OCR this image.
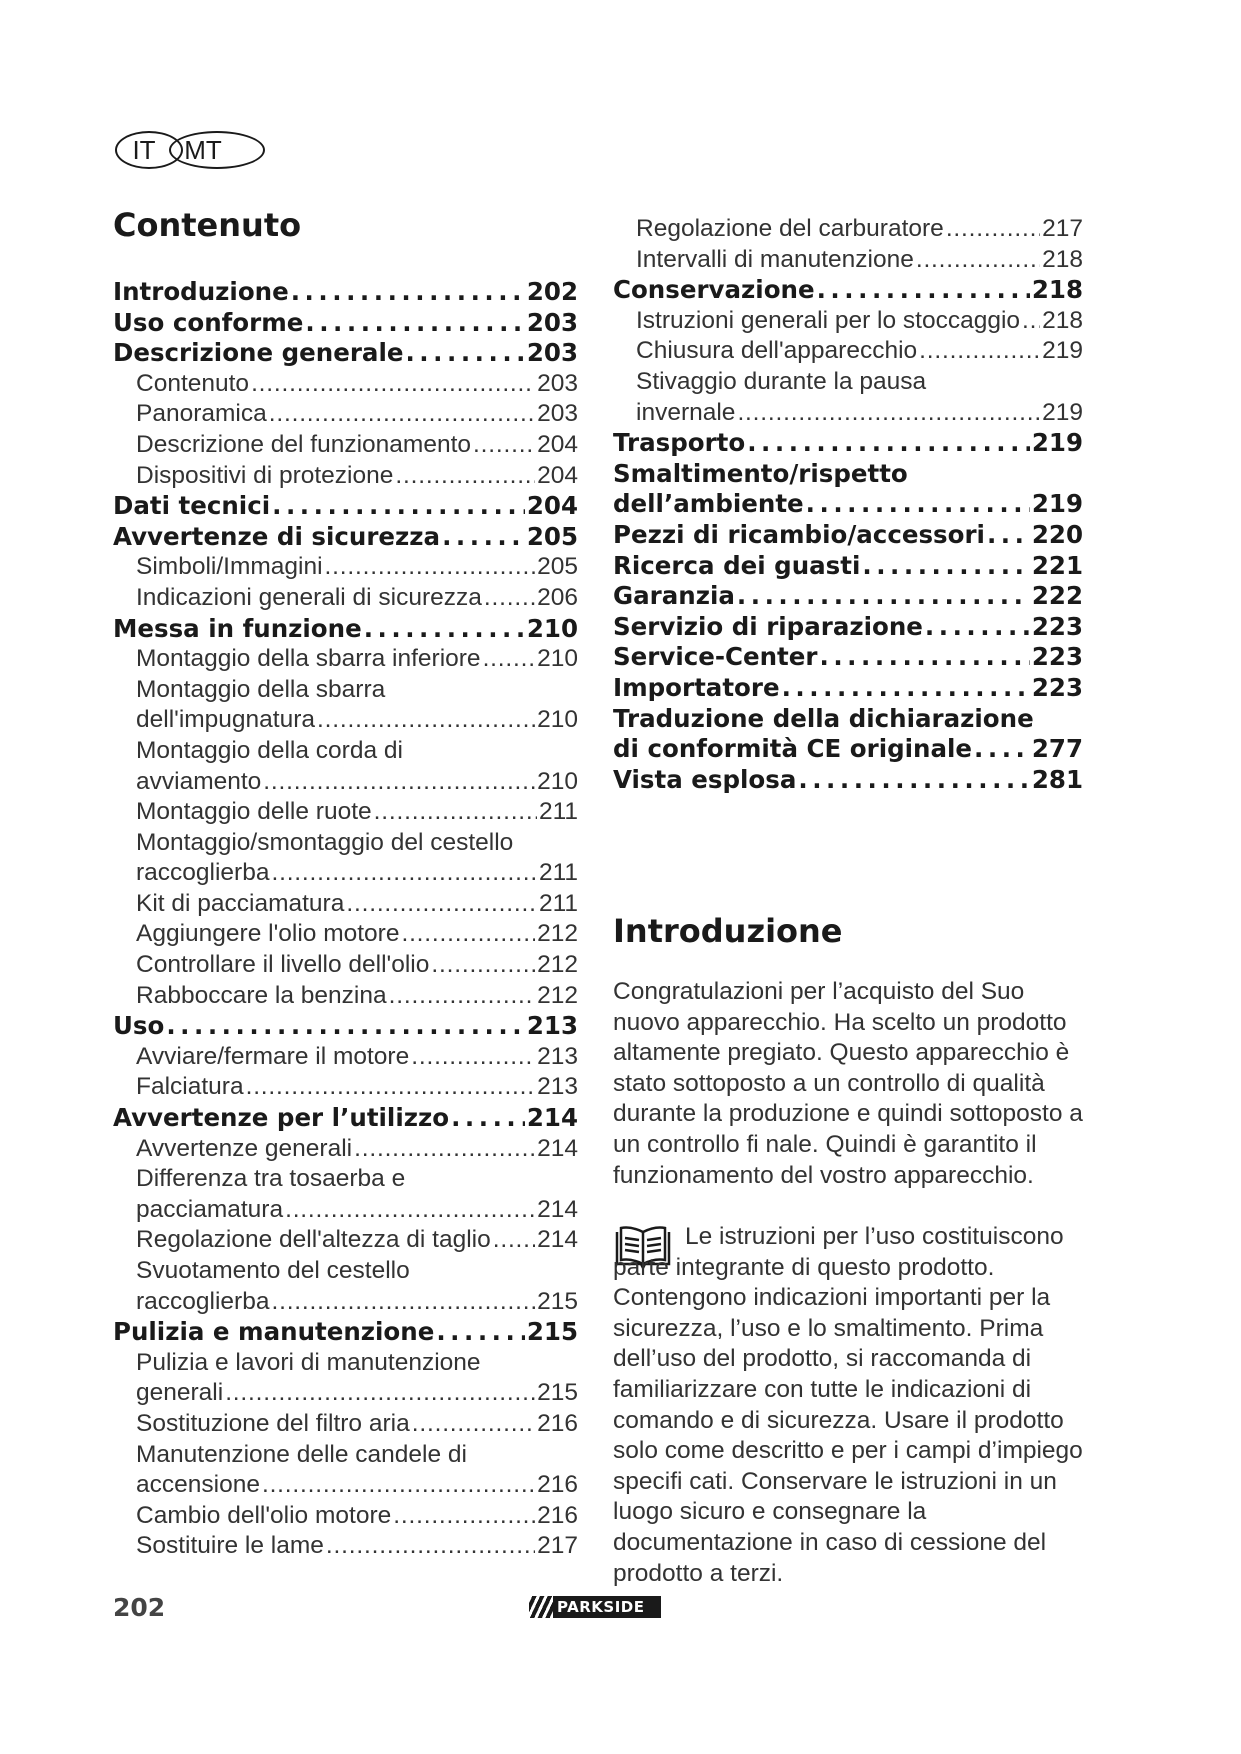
MT
IT
Contenuto
Introduzione . . .	202
Uso conforme . . .	203
Descrizione generale . . .	203
Contenuto . . .	203
Panoramica . . .	203
Descrizione del funzionamento . . .	204
Dispositivi di protezione . . .	204
Dati tecnici . . .	204
Avvertenze di sicurezza . . .	205
Simboli/Immagini . . .	205
Indicazioni generali di sicurezza . . . 206
Messa in funzione . . .	210
Montaggio della sbarra inferiore . . . 210
Montaggio della sbarra
dell'impugnatura . . .	210
Montaggio della corda di
avviamento . . .	210
Montaggio delle ruote . . .	211
Montaggio/smontaggio del cestello
raccoglierba . . .	211
Kit di pacciamatura . . .	211
Aggiungere l'olio motore . . .	212
Controllare il livello dell'olio . . .	212
Rabboccare la benzina . . .	212
Uso . . .	213
Avviare/fermare il motore . . .	213
Falciatura . . .	213
Avvertenze per l’utilizzo . . .	214
Avvertenze generali . . .	214
Differenza tra tosaerba e
pacciamatura . . .	214
Regolazione dell'altezza di taglio . . . 214
Svuotamento del cestello
raccoglierba . . .	215
Pulizia e manutenzione . . .	215
Pulizia e lavori di manutenzione
generali . . .	215
Sostituzione del filtro aria . . .	216
Manutenzione delle candele di
accensione . . .	216
Cambio dell'olio motore . . .	216
Sostituire le lame . . .	217
Regolazione del carburatore . . .	217
Intervalli di manutenzione . . .	218
Conservazione . . .	218
Istruzioni generali per lo stoccaggio . . . 218
Chiusura dell'apparecchio . . .	219
Stivaggio durante la pausa
invernale . . .	219
Trasporto . . .	219
Smaltimento/rispetto
dell’ambiente . . .	219
Pezzi di ricambio/accessori . . . 220
Ricerca dei guasti . . .	221
Garanzia . . .	222
Servizio di riparazione . . .	223
Service-Center . . .	223
Importatore . . .	223
Traduzione della dichiarazione
di conformità CE originale . . . 277
Vista esplosa . . .	281
Introduzione

Congratulazioni per l’acquisto del Suo nuovo apparecchio. Ha scelto un prodotto altamente pregiato. Questo apparecchio è stato sottoposto a un controllo di qualità durante la produzione e quindi sottoposto a un controllo fi nale. Quindi è garantito il funzionamento del vostro apparecchio.

Le istruzioni per l’uso costituiscono parte integrante di questo prodotto. Contengono indicazioni importanti per la sicurezza, l’uso e lo smaltimento. Prima dell’uso del prodotto, si raccomanda di familiarizzare con tutte le indicazioni di comando e di sicurezza. Usare il prodotto solo come descritto e per i campi d’impiego specifi cati. Conservare le istruzioni in un luogo sicuro e consegnare la documentazione in caso di cessione del prodotto a terzi.

202	PARKSIDE
